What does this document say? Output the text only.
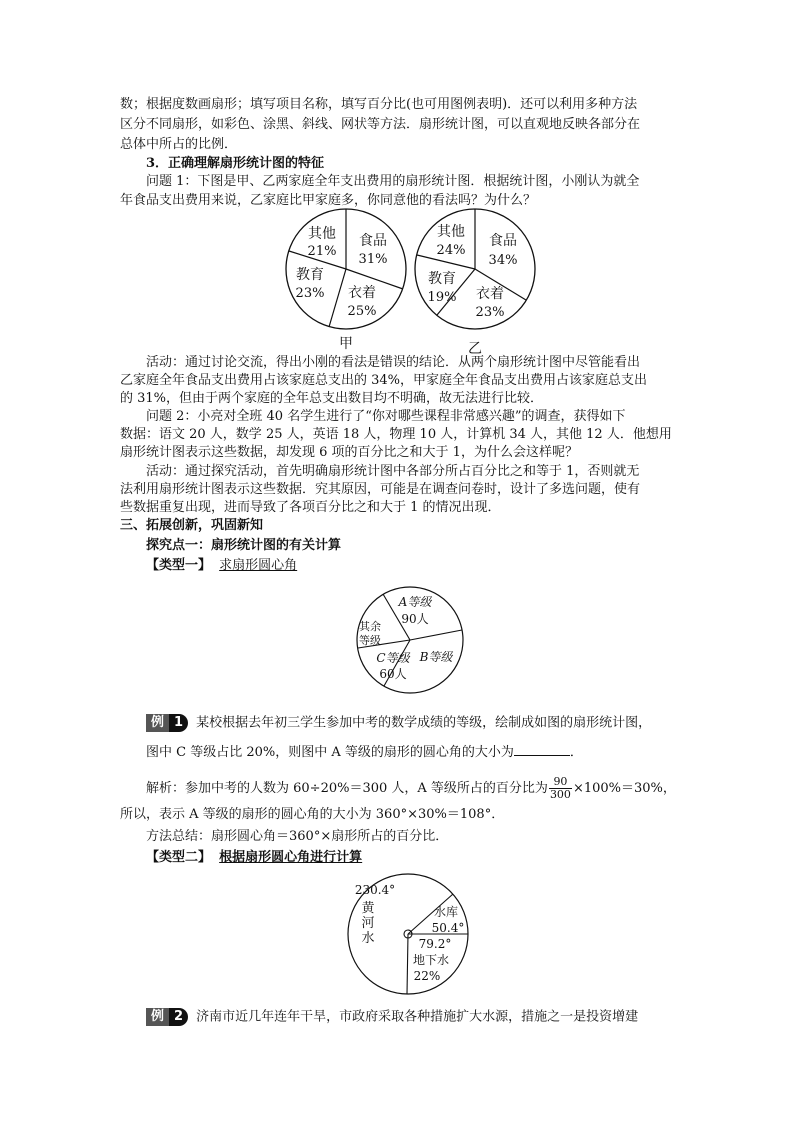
数；根据度数画扇形；填写项目名称，填写百分比(也可用图例表明)．还可以利用多种方法
区分不同扇形，如彩色、涂黑、斜线、网状等方法．扇形统计图，可以直观地反映各部分在
总体中所占的比例．
3．正确理解扇形统计图的特征
问题 1：下图是甲、乙两家庭全年支出费用的扇形统计图．根据统计图，小刚认为就全
年食品支出费用来说，乙家庭比甲家庭多，你同意他的看法吗？为什么？
其他
21%
食品
31%
教育
23% 衣着
25%
甲
其他
24%
食品
34%
教育
19% 衣着
23%
乙
活动：通过讨论交流，得出小刚的看法是错误的结论．从两个扇形统计图中尽管能看出
乙家庭全年食品支出费用占该家庭总支出的 34%，甲家庭全年食品支出费用占该家庭总支出
的 31%，但由于两个家庭的全年总支出数目均不明确，故无法进行比较．
问题 2：小亮对全班 40 名学生进行了“你对哪些课程非常感兴趣”的调查，获得如下
数据：语文 20 人，数学 25 人，英语 18 人，物理 10 人，计算机 34 人，其他 12 人．他想用
扇形统计图表示这些数据，却发现 6 项的百分比之和大于 1，为什么会这样呢？
活动：通过探究活动，首先明确扇形统计图中各部分所占百分比之和等于 1，否则就无
法利用扇形统计图表示这些数据．究其原因，可能是在调查问卷时，设计了多选问题，使有
些数据重复出现，进而导致了各项百分比之和大于 1 的情况出现．
三、拓展创新，巩固新知
探究点一：扇形统计图的有关计算
【类型一】 求扇形圆心角
A等级
90人
其余
等级
B等级
C等级
60人
例 1 某校根据去年初三学生参加中考的数学成绩的等级，绘制成如图的扇形统计图，
图中 C 等级占比 20%，则图中 A 等级的扇形的圆心角的大小为	．
解析：参加中考的人数为 60÷20%＝300 人，A 等级所占的百分比为 $\frac{90}{300} \times 100\%=30\%$，
所以，表示 A 等级的扇形的圆心角的大小为 360°×30%＝108°．
方法总结：扇形圆心角＝360°×扇形所占的百分比．
【类型二】 根据扇形圆心角进行计算
230.4°
黄
河
水
水库
50.4°
79.2°
地下水
22%
例 2 济南市近几年连年干旱，市政府采取各种措施扩大水源，措施之一是投资增建
